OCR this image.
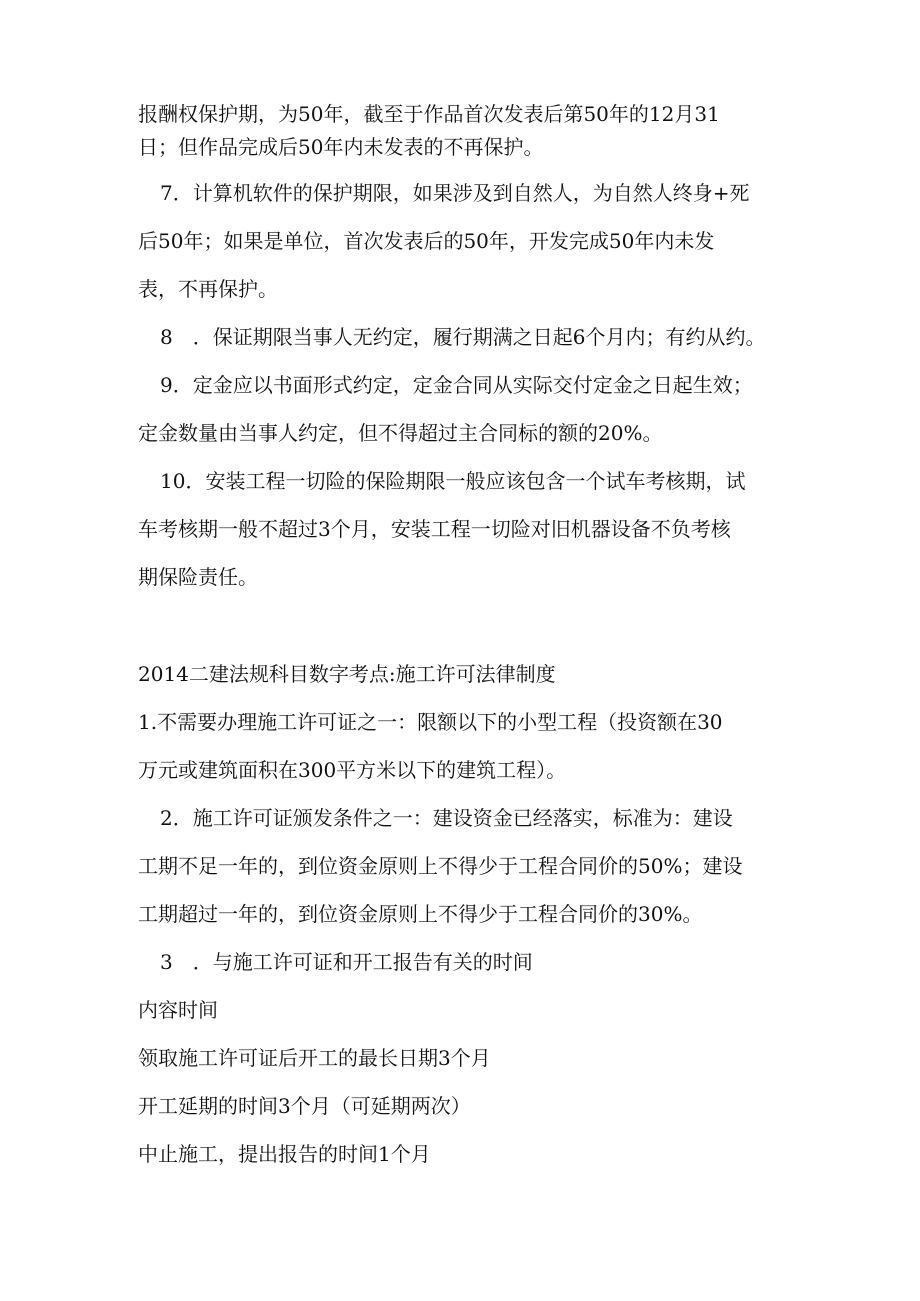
报酬权保护期，为50年，截至于作品首次发表后第50年的12月31
日；但作品完成后50年内未发表的不再保护。
7．计算机软件的保护期限，如果涉及到自然人，为自然人终身+死
后50年；如果是单位，首次发表后的50年，开发完成50年内未发
表，不再保护。
8　．保证期限当事人无约定，履行期满之日起6个月内；有约从约。
9．定金应以书面形式约定，定金合同从实际交付定金之日起生效；
定金数量由当事人约定，但不得超过主合同标的额的20%。
10．安装工程一切险的保险期限一般应该包含一个试车考核期，试
车考核期一般不超过3个月，安装工程一切险对旧机器设备不负考核
期保险责任。
2014二建法规科目数字考点:施工许可法律制度
1.不需要办理施工许可证之一：限额以下的小型工程（投资额在30
万元或建筑面积在300平方米以下的建筑工程）。
2．施工许可证颁发条件之一：建设资金已经落实，标准为：建设
工期不足一年的，到位资金原则上不得少于工程合同价的50%；建设
工期超过一年的，到位资金原则上不得少于工程合同价的30%。
3　．与施工许可证和开工报告有关的时间
内容时间
领取施工许可证后开工的最长日期3个月
开工延期的时间3个月（可延期两次）
中止施工，提出报告的时间1个月
